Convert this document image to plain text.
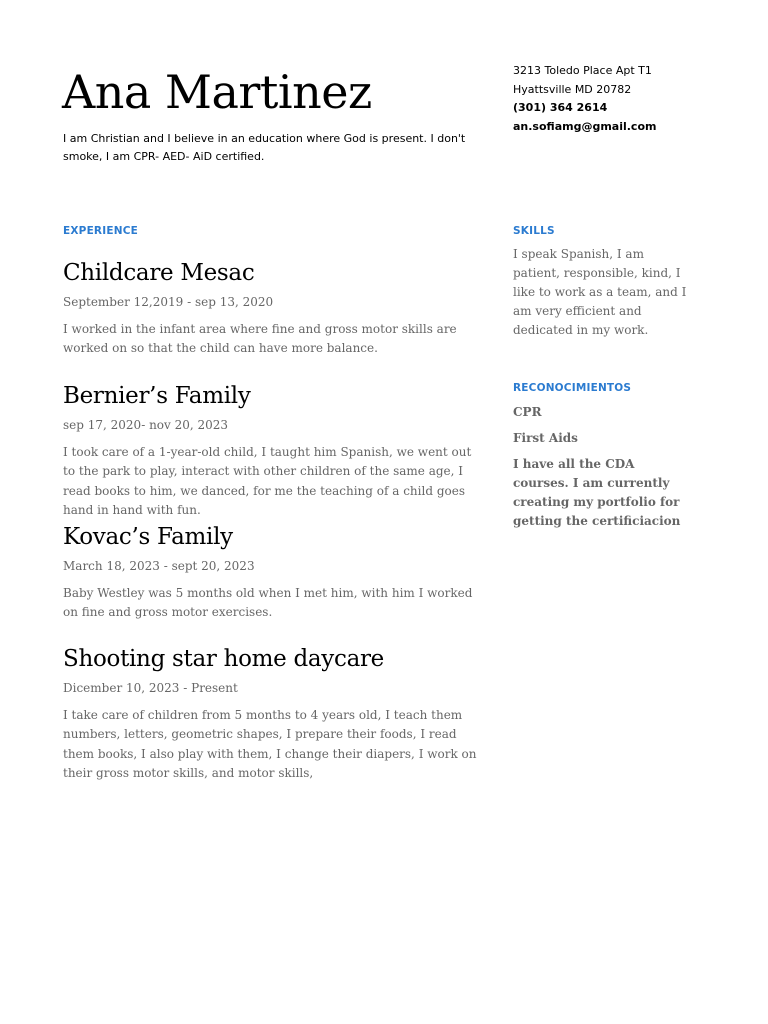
Ana Martinez

I am Christian and I believe in an education where God is present. I don't smoke, I am CPR- AED- AiD certified.

3213 Toledo Place Apt T1
Hyattsville MD 20782
(301) 364 2614
an.sofiamg@gmail.com
EXPERIENCE
Childcare Mesac

September 12,2019 - sep 13, 2020

I worked in the infant area where fine and gross motor skills are worked on so that the child can have more balance.

Bernier’s Family

sep 17, 2020- nov 20, 2023

I took care of a 1-year-old child, I taught him Spanish, we went out to the park to play, interact with other children of the same age, I read books to him, we danced, for me the teaching of a child goes hand in hand with fun.

Kovac’s Family

March 18, 2023 - sept 20, 2023

Baby Westley was 5 months old when I met him, with him I worked on fine and gross motor exercises.

Shooting star home daycare

Dicember 10, 2023 - Present

I take care of children from 5 months to 4 years old, I teach them numbers, letters, geometric shapes, I prepare their foods, I read them books, I also play with them, I change their diapers, I work on their gross motor skills, and motor skills,

SKILLS

I speak Spanish, I am patient, responsible, kind, I like to work as a team, and I am very efficient and dedicated in my work.

RECONOCIMIENTOS

CPR

First Aids

I have all the CDA courses. I am currently creating my portfolio for getting the certificiacion
